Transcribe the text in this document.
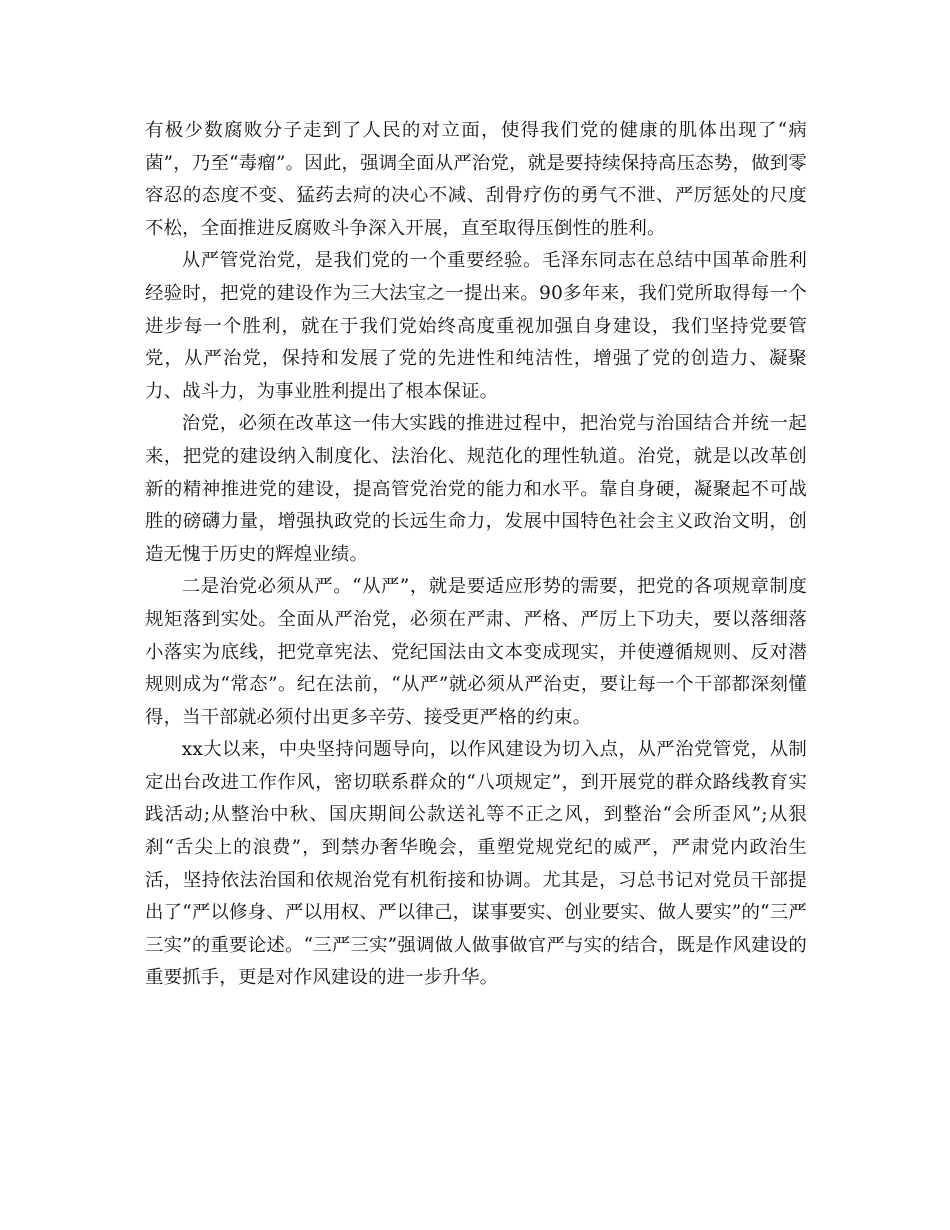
有极少数腐败分子走到了人民的对立面，使得我们党的健康的肌体出现了“病菌”，乃至“毒瘤”。因此，强调全面从严治党，就是要持续保持高压态势，做到零容忍的态度不变、猛药去疴的决心不减、刮骨疗伤的勇气不泄、严厉惩处的尺度不松，全面推进反腐败斗争深入开展，直至取得压倒性的胜利。

从严管党治党，是我们党的一个重要经验。毛泽东同志在总结中国革命胜利经验时，把党的建设作为三大法宝之一提出来。90多年来，我们党所取得每一个进步每一个胜利，就在于我们党始终高度重视加强自身建设，我们坚持党要管党，从严治党，保持和发展了党的先进性和纯洁性，增强了党的创造力、凝聚力、战斗力，为事业胜利提出了根本保证。

治党，必须在改革这一伟大实践的推进过程中，把治党与治国结合并统一起来，把党的建设纳入制度化、法治化、规范化的理性轨道。治党，就是以改革创新的精神推进党的建设，提高管党治党的能力和水平。靠自身硬，凝聚起不可战胜的磅礴力量，增强执政党的长远生命力，发展中国特色社会主义政治文明，创造无愧于历史的辉煌业绩。

二是治党必须从严。“从严”，就是要适应形势的需要，把党的各项规章制度规矩落到实处。全面从严治党，必须在严肃、严格、严厉上下功夫，要以落细落小落实为底线，把党章宪法、党纪国法由文本变成现实，并使遵循规则、反对潜规则成为“常态”。纪在法前，“从严”就必须从严治吏，要让每一个干部都深刻懂得，当干部就必须付出更多辛劳、接受更严格的约束。

xx大以来，中央坚持问题导向，以作风建设为切入点，从严治党管党，从制定出台改进工作作风，密切联系群众的“八项规定”，到开展党的群众路线教育实践活动;从整治中秋、国庆期间公款送礼等不正之风，到整治“会所歪风”;从狠刹“舌尖上的浪费”，到禁办奢华晚会，重塑党规党纪的威严，严肃党内政治生活，坚持依法治国和依规治党有机衔接和协调。尤其是，习总书记对党员干部提出了“严以修身、严以用权、严以律己，谋事要实、创业要实、做人要实”的“三严三实”的重要论述。“三严三实”强调做人做事做官严与实的结合，既是作风建设的重要抓手，更是对作风建设的进一步升华。
